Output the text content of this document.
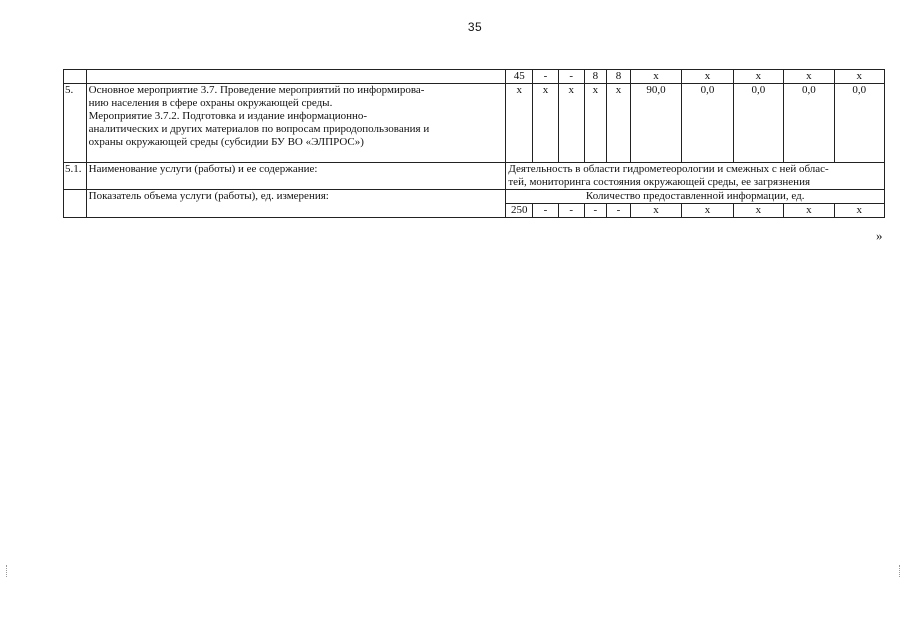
35
		45	-	-	8	8	x	x	x	x	x
5.	Основное мероприятие 3.7. Проведение мероприятий по информирова-
нию населения в сфере охраны окружающей среды.
Мероприятие 3.7.2. Подготовка и издание информационно-
аналитических и других материалов по вопросам природопользования и
охраны окружающей среды (субсидии БУ ВО «ЭЛПРОС»)	x	x	x	x	x	90,0	0,0	0,0	0,0	0,0
5.1.	Наименование услуги (работы) и ее содержание:	Деятельность в области гидрометеорологии и смежных с ней облас-
тей, мониторинга состояния окружающей среды, ее загрязнения									

	Показатель объема услуги (работы), ед. измерения:	Количество предоставленной информации, ед.									
		250	-	-	-	-	x	x	x	x	x
»
